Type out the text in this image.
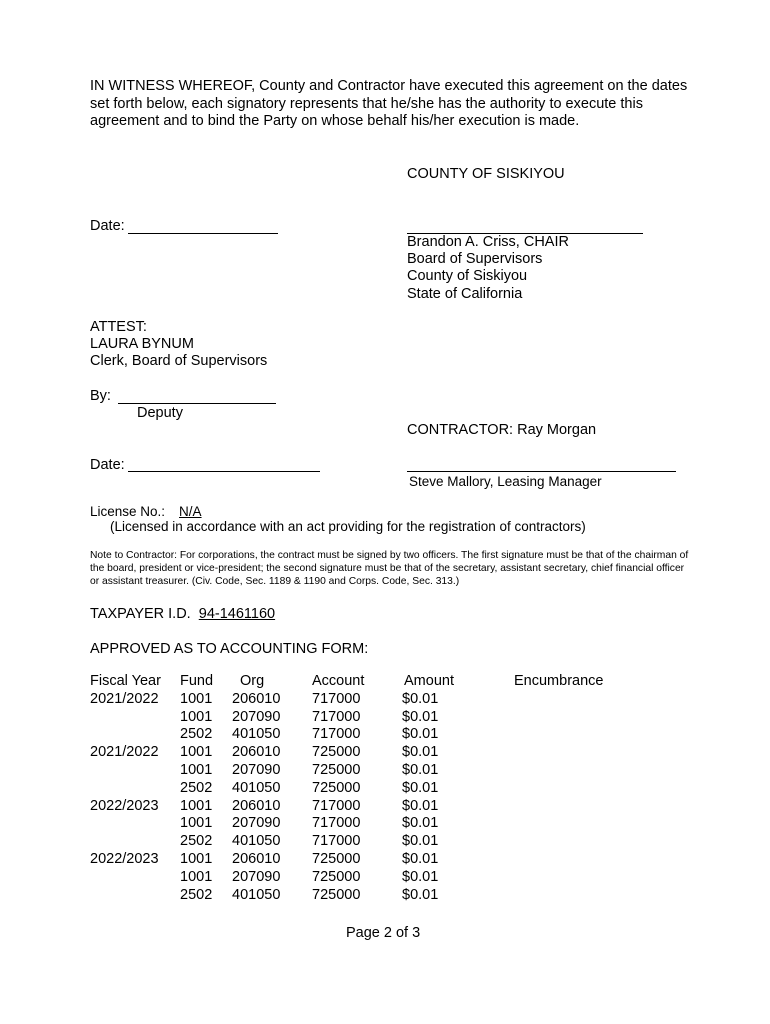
IN WITNESS WHEREOF, County and Contractor have executed this agreement on the dates set forth below, each signatory represents that he/she has the authority to execute this agreement and to bind the Party on whose behalf his/her execution is made.
COUNTY OF SISKIYOU
Date:
Brandon A. Criss, CHAIR
Board of Supervisors
County of Siskiyou
State of California
ATTEST:
LAURA BYNUM
Clerk, Board of Supervisors
By:
Deputy
CONTRACTOR: Ray Morgan
Date:
Steve Mallory, Leasing Manager
License No.: N/A
(Licensed in accordance with an act providing for the registration of contractors)
Note to Contractor: For corporations, the contract must be signed by two officers. The first signature must be that of the chairman of the board, president or vice-president; the second signature must be that of the secretary, assistant secretary, chief financial officer or assistant treasurer. (Civ. Code, Sec. 1189 & 1190 and Corps. Code, Sec. 313.)
TAXPAYER I.D. 94-1461160
APPROVED AS TO ACCOUNTING FORM:
Fiscal Year	Fund	Org	Account	Amount	Encumbrance
2021/2022	1001	206010	717000	$0.01	
	1001	207090	717000	$0.01	
	2502	401050	717000	$0.01	
2021/2022	1001	206010	725000	$0.01	
	1001	207090	725000	$0.01	
	2502	401050	725000	$0.01	
2022/2023	1001	206010	717000	$0.01	
	1001	207090	717000	$0.01	
	2502	401050	717000	$0.01	
2022/2023	1001	206010	725000	$0.01	
	1001	207090	725000	$0.01	
	2502	401050	725000	$0.01	
Page 2 of 3
